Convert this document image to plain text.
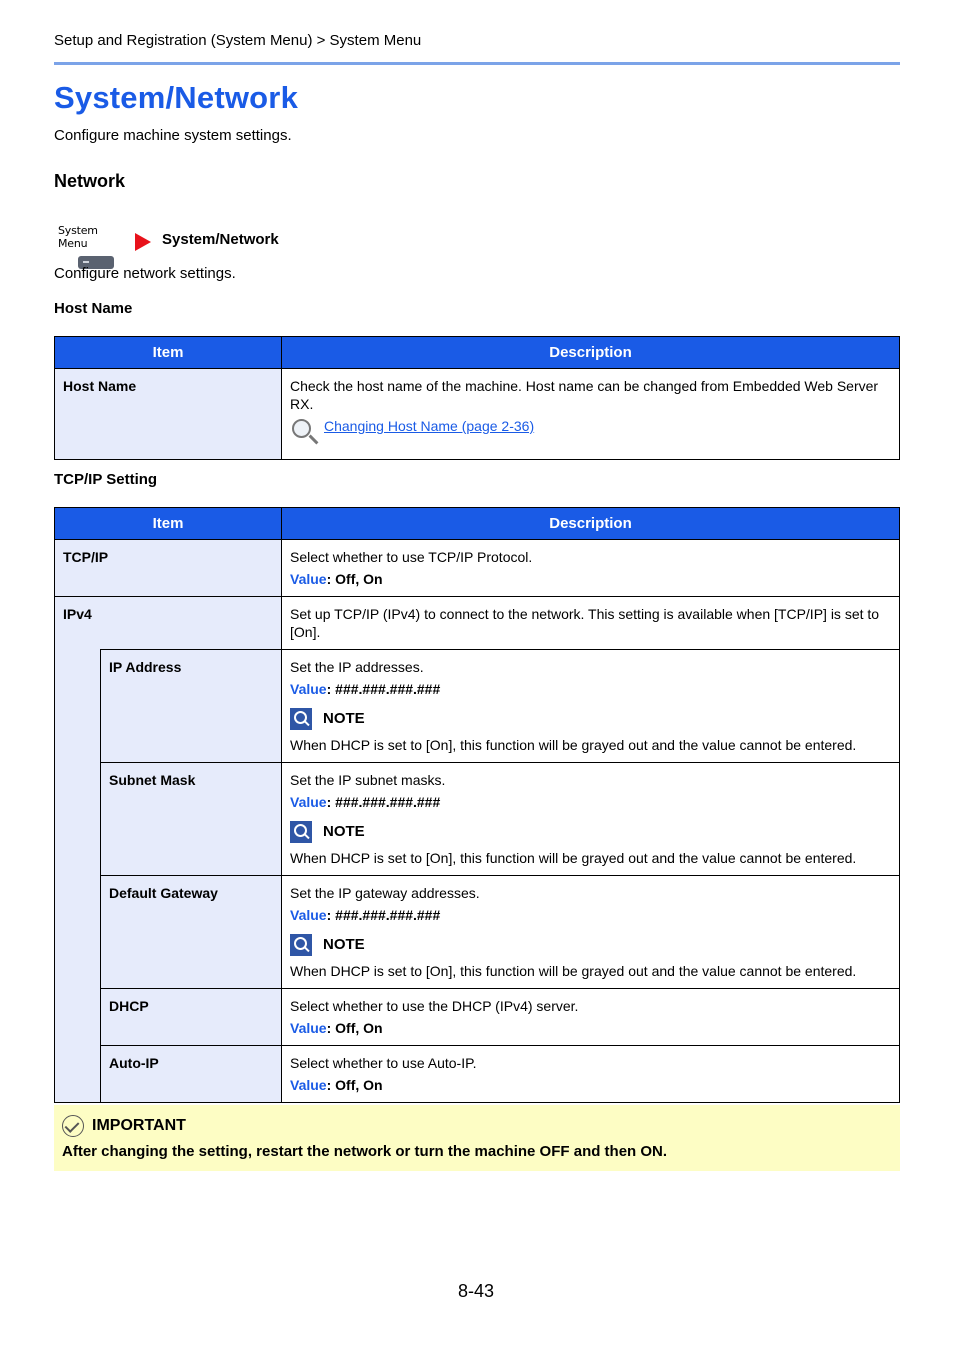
Setup and Registration (System Menu) > System Menu
System/Network
Configure machine system settings.
Network
System Menu	System/Network
Configure network settings.
Host Name
Item	Description
Host Name	Check the host name of the machine. Host name can be changed from Embedded Web Server RX.
Changing Host Name (page 2-36)
TCP/IP Setting
Item		Description
TCP/IP		Select whether to use TCP/IP Protocol.
Value: Off, On

IPv4		Set up TCP/IP (IPv4) to connect to the network. This setting is available when [TCP/IP] is set to [On].

	IP Address	Set the IP addresses.
Value: ###.###.###.###
NOTE
When DHCP is set to [On], this function will be grayed out and the value cannot be entered.

	Subnet Mask	Set the IP subnet masks.
Value: ###.###.###.###
NOTE
When DHCP is set to [On], this function will be grayed out and the value cannot be entered.

	Default Gateway	Set the IP gateway addresses.
Value: ###.###.###.###
NOTE
When DHCP is set to [On], this function will be grayed out and the value cannot be entered.

	DHCP	Select whether to use the DHCP (IPv4) server.
Value: Off, On

	Auto-IP	Select whether to use Auto-IP.
Value: Off, On
IMPORTANT
After changing the setting, restart the network or turn the machine OFF and then ON.
8-43
